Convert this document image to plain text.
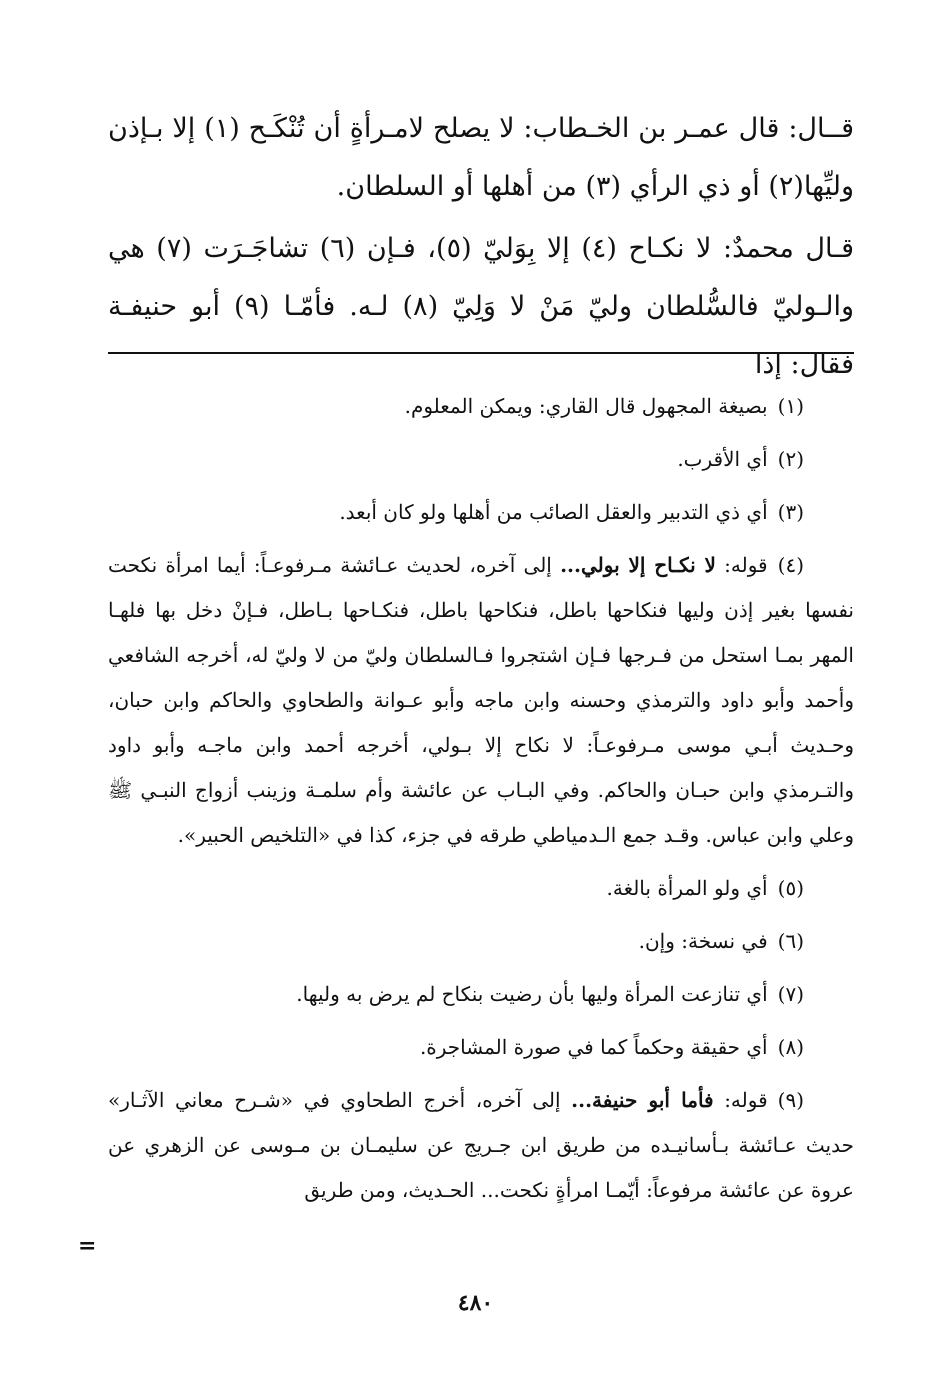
قــال: قال عمـر بن الخـطاب: لا يصلح لامـرأةٍ أن تُنْكَـح (١) إلا بـإذن وليِّها(٢) أو ذي الرأي (٣) من أهلها أو السلطان.

قـال محمدٌ: لا نكـاح (٤) إلا بِوَليّ (٥)، فـإن (٦) تشاجَـرَت (٧) هي والـوليّ فالسُّلطان وليّ مَنْ لا وَلِيّ (٨) لـه. فأمّـا (٩) أبو حنيفـة فقال: إذا

(١)بصيغة المجهول قال القاري: ويمكن المعلوم.

(٢)أي الأقرب.

(٣)أي ذي التدبير والعقل الصائب من أهلها ولو كان أبعد.

(٤)قوله: لا نكـاح إلا بولي... إلى آخره، لحديث عـائشة مـرفوعـاً: أيما امرأة نكحت نفسها بغير إذن وليها فنكاحها باطل، فنكاحها باطل، فنكـاحها بـاطل، فـإنْ دخل بها فلهـا المهر بمـا استحل من فـرجها فـإن اشتجروا فـالسلطان وليّ من لا وليّ له، أخرجه الشافعي وأحمد وأبو داود والترمذي وحسنه وابن ماجه وأبو عـوانة والطحاوي والحاكم وابن حبان، وحـديث أبـي موسى مـرفوعـاً: لا نكاح إلا بـولي، أخرجه أحمد وابن ماجـه وأبو داود والتـرمذي وابن حبـان والحاكم. وفي البـاب عن عائشة وأم سلمـة وزينب أزواج النبـي ﷺ وعلي وابن عباس. وقـد جمع الـدمياطي طرقه في جزء، كذا في «التلخيص الحبير».

(٥)أي ولو المرأة بالغة.

(٦)في نسخة: وإن.

(٧)أي تنازعت المرأة وليها بأن رضيت بنكاح لم يرض به وليها.

(٨)أي حقيقة وحكماً كما في صورة المشاجرة.

(٩)قوله: فأما أبو حنيفة... إلى آخره، أخرج الطحاوي في «شـرح معاني الآثـار» حديث عـائشة بـأسانيـده من طريق ابن جـريج عن سليمـان بن مـوسى عن الزهري عن عروة عن عائشة مرفوعاً: أيّمـا امرأةٍ نكحت... الحـديث، ومن طريق

=
٤٨٠
